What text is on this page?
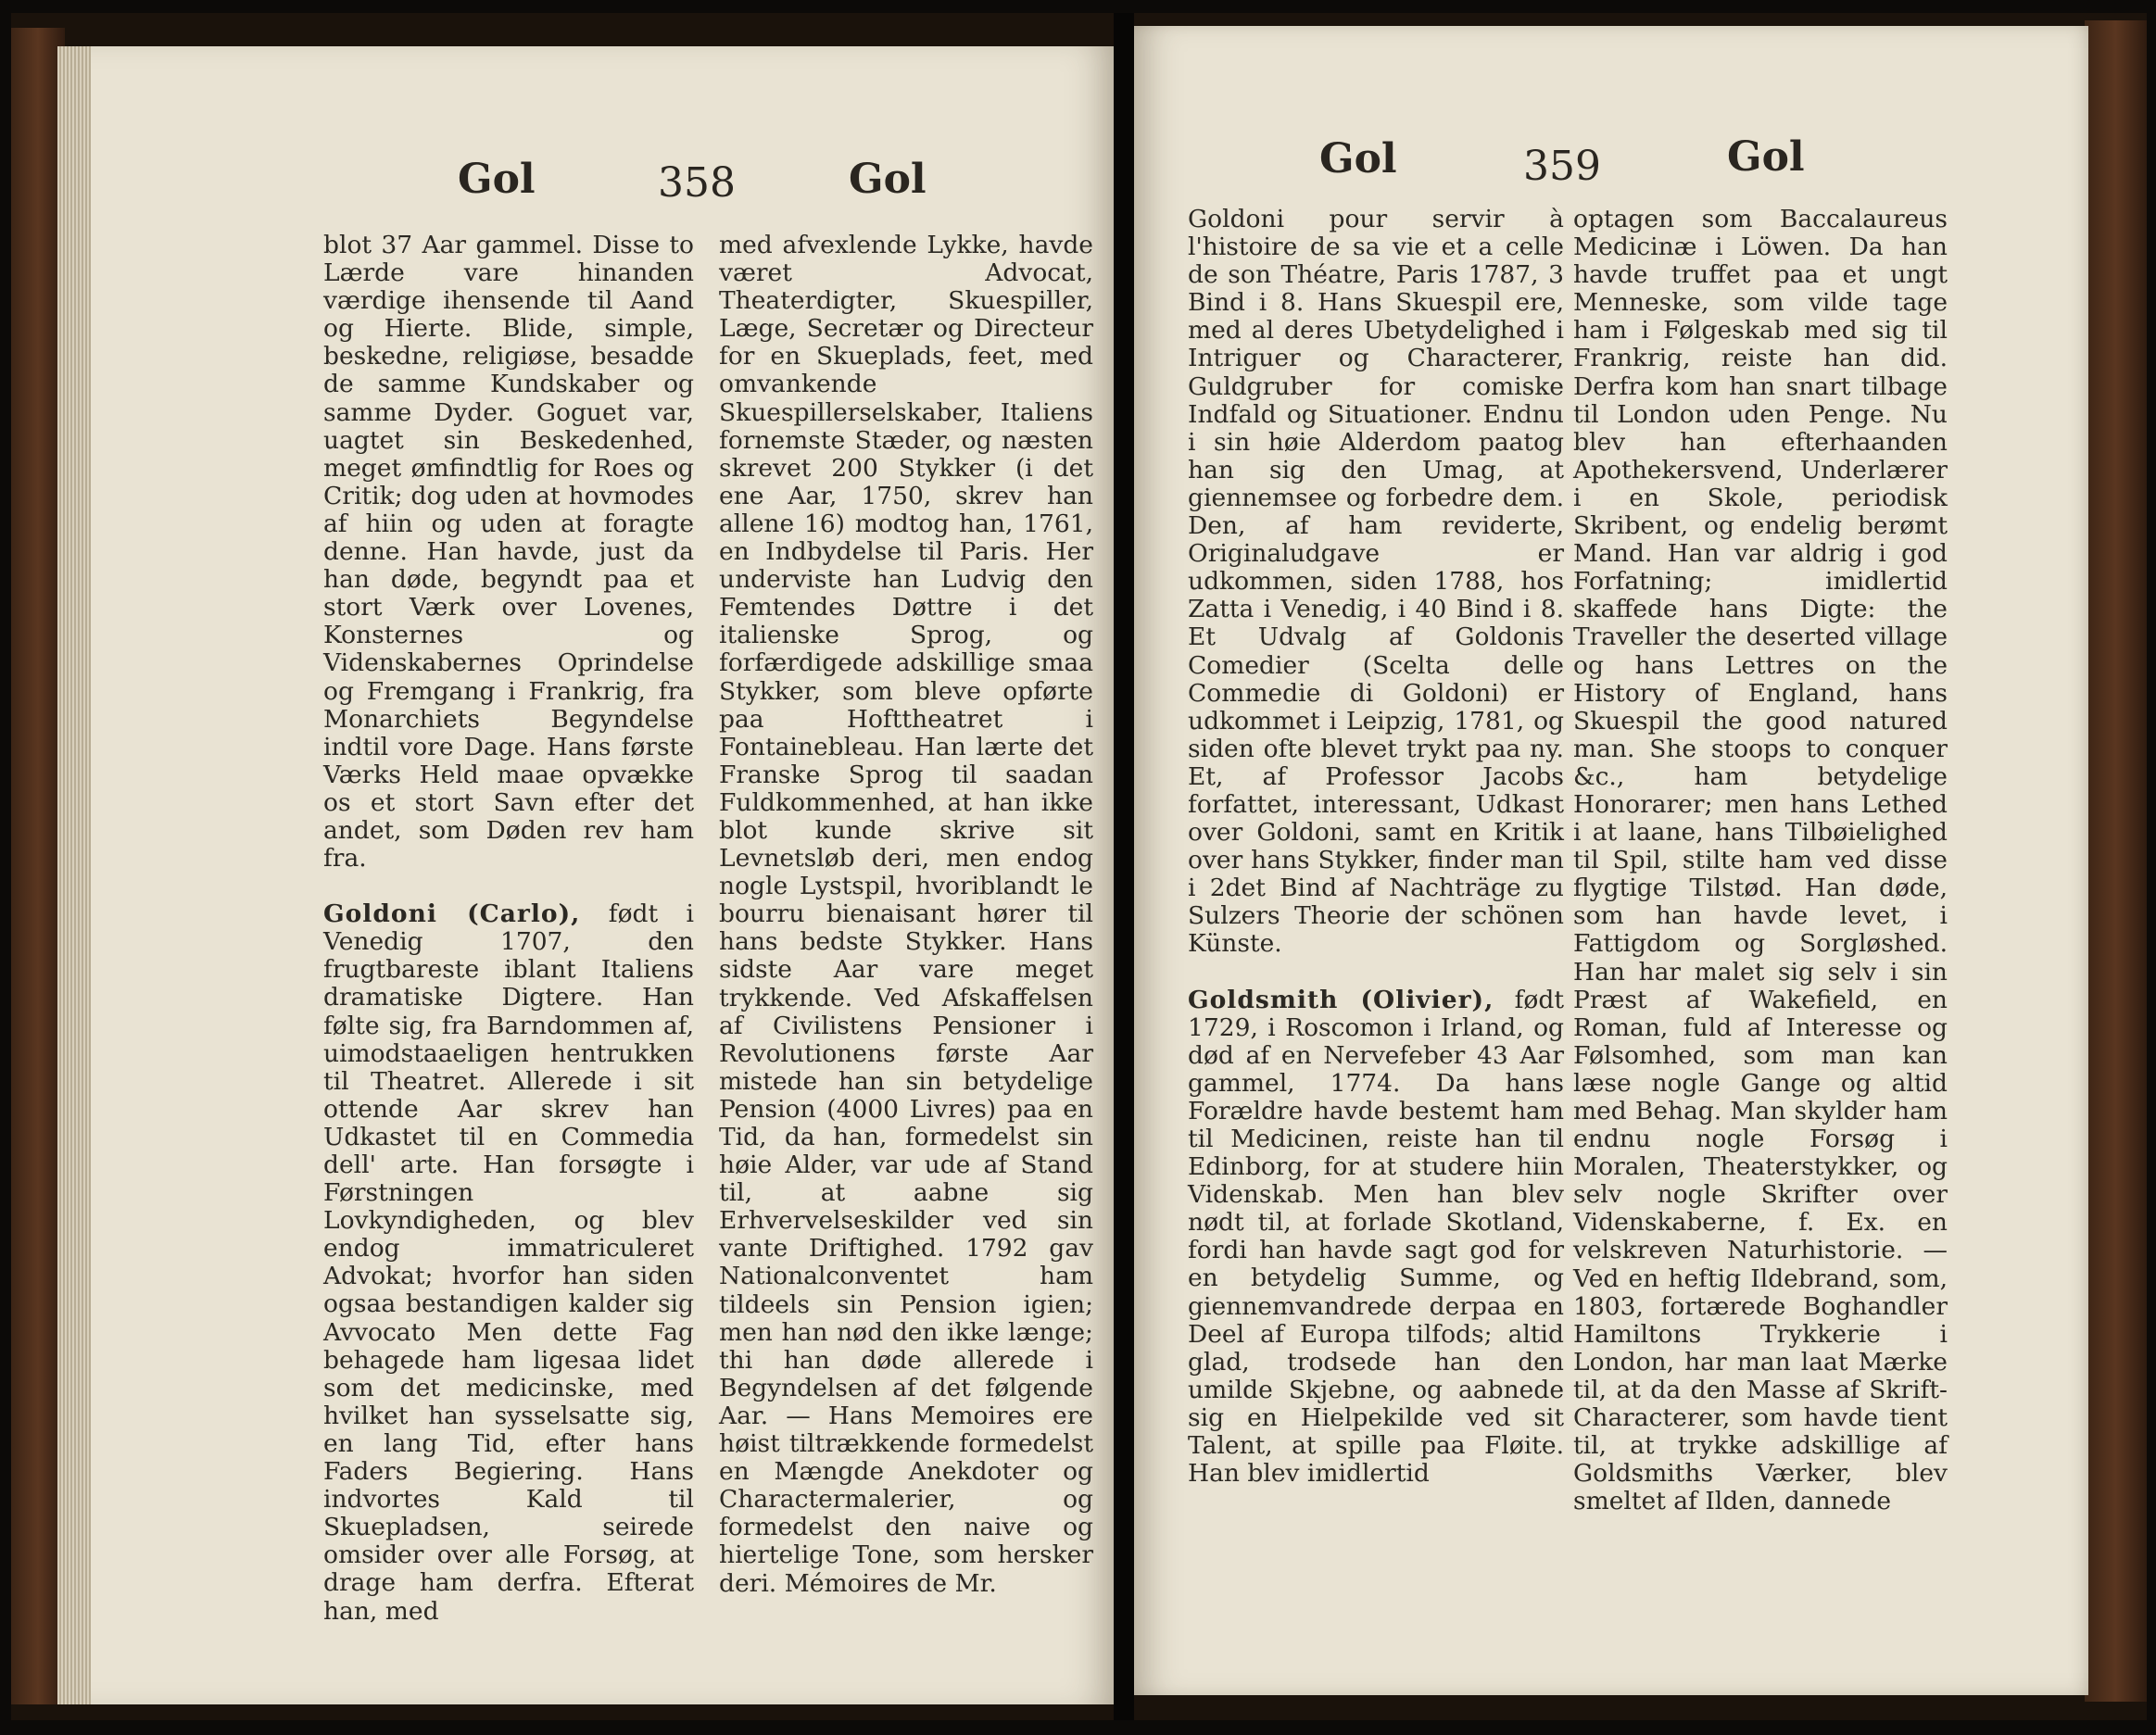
Gol	358	Gol

blot 37 Aar gammel. Disse to Lærde vare hinanden værdige ihensende til Aand og Hierte. Blide, simple, beskedne, religiøse, besadde de samme Kundskaber og samme Dyder. Goguet var, uagtet sin Beskedenhed, meget ømfindtlig for Roes og Critik; dog uden at hovmodes af hiin og uden at foragte denne. Han havde, just da han døde, begyndt paa et stort Værk over Lovenes, Konsternes og Videnskabernes Oprindelse og Fremgang i Frankrig, fra Monarchiets Begyndelse indtil vore Dage. Hans første Værks Held maae opvække os et stort Savn efter det andet, som Døden rev ham fra.

Goldoni (Carlo), født i Venedig 1707, den frugtbareste iblant Italiens dramatiske Digtere. Han følte sig, fra Barndommen af, uimodstaaeligen hentrukken til Theatret. Allerede i sit ottende Aar skrev han Udkastet til en Commedia dell' arte. Han forsøgte i Førstningen Lovkyndigheden, og blev endog immatriculeret Advokat; hvorfor han siden ogsaa bestandigen kalder sig Avvocato Men dette Fag behagede ham ligesaa lidet som det medicinske, med hvilket han sysselsatte sig, en lang Tid, efter hans Faders Begiering. Hans indvortes Kald til Skuepladsen, seirede omsider over alle Forsøg, at drage ham derfra. Efterat han, med

med afvexlende Lykke, havde været Advocat, Theaterdigter, Skuespiller, Læge, Secretær og Directeur for en Skueplads, feet, med omvankende Skuespillerselskaber, Italiens fornemste Stæder, og næsten skrevet 200 Stykker (i det ene Aar, 1750, skrev han allene 16) modtog han, 1761, en Indbydelse til Paris. Her underviste han Ludvig den Femtendes Døttre i det italienske Sprog, og forfærdigede adskillige smaa Stykker, som bleve opførte paa Hofttheatret i Fontainebleau. Han lærte det Franske Sprog til saadan Fuldkommenhed, at han ikke blot kunde skrive sit Levnetsløb deri, men endog nogle Lystspil, hvoriblandt le bourru bienaisant hører til hans bedste Stykker. Hans sidste Aar vare meget trykkende. Ved Afskaffelsen af Civilistens Pensioner i Revolutionens første Aar mistede han sin betydelige Pension (4000 Livres) paa en Tid, da han, formedelst sin høie Alder, var ude af Stand til, at aabne sig Erhvervelseskilder ved sin vante Driftighed. 1792 gav Nationalconventet ham tildeels sin Pension igien; men han nød den ikke længe; thi han døde allerede i Begyndelsen af det følgende Aar. — Hans Memoires ere høist tiltrækkende formedelst en Mængde Anekdoter og Charactermalerier, og formedelst den naive og hiertelige Tone, som hersker deri. Mémoires de Mr.

Gol	359	Gol

Goldoni pour servir à l'histoire de sa vie et a celle de son Théatre, Paris 1787, 3 Bind i 8. Hans Skuespil ere, med al deres Ubetydelighed i Intriguer og Characterer, Guldgruber for comiske Indfald og Situationer. Endnu i sin høie Alderdom paatog han sig den Umag, at giennemsee og forbedre dem. Den, af ham reviderte, Originaludgave er udkommen, siden 1788, hos Zatta i Venedig, i 40 Bind i 8. Et Udvalg af Goldonis Comedier (Scelta delle Commedie di Goldoni) er udkommet i Leipzig, 1781, og siden ofte blevet trykt paa ny. Et, af Professor Jacobs forfattet, interessant, Udkast over Goldoni, samt en Kritik over hans Stykker, finder man i 2det Bind af Nachträge zu Sulzers Theorie der schönen Künste.

Goldsmith (Olivier), født 1729, i Roscomon i Irland, og død af en Nervefeber 43 Aar gammel, 1774. Da hans Forældre havde bestemt ham til Medicinen, reiste han til Edinborg, for at studere hiin Videnskab. Men han blev nødt til, at forlade Skotland, fordi han havde sagt god for en betydelig Summe, og giennemvandrede derpaa en Deel af Europa tilfods; altid glad, trodsede han den umilde Skjebne, og aabnede sig en Hielpekilde ved sit Talent, at spille paa Fløite. Han blev imidlertid

optagen som Baccalaureus Medicinæ i Löwen. Da han havde truffet paa et ungt Menneske, som vilde tage ham i Følgeskab med sig til Frankrig, reiste han did. Derfra kom han snart tilbage til London uden Penge. Nu blev han efterhaanden Apothekersvend, Underlærer i en Skole, periodisk Skribent, og endelig berømt Mand. Han var aldrig i god Forfatning; imidlertid skaffede hans Digte: the Traveller the deserted village og hans Lettres on the History of England, hans Skuespil the good natured man. She stoops to conquer &c., ham betydelige Honorarer; men hans Lethed i at laane, hans Tilbøielighed til Spil, stilte ham ved disse flygtige Tilstød. Han døde, som han havde levet, i Fattigdom og Sorgløshed. Han har malet sig selv i sin Præst af Wakefield, en Roman, fuld af Interesse og Følsomhed, som man kan læse nogle Gange og altid med Behag. Man skylder ham endnu nogle Forsøg i Moralen, Theaterstykker, og selv nogle Skrifter over Videnskaberne, f. Ex. en velskreven Naturhistorie. — Ved en heftig Ildebrand, som, 1803, fortærede Boghandler Hamiltons Trykkerie i London, har man laat Mærke til, at da den Masse af Skrift-Characterer, som havde tient til, at trykke adskillige af Goldsmiths Værker, blev smeltet af Ilden, dannede
